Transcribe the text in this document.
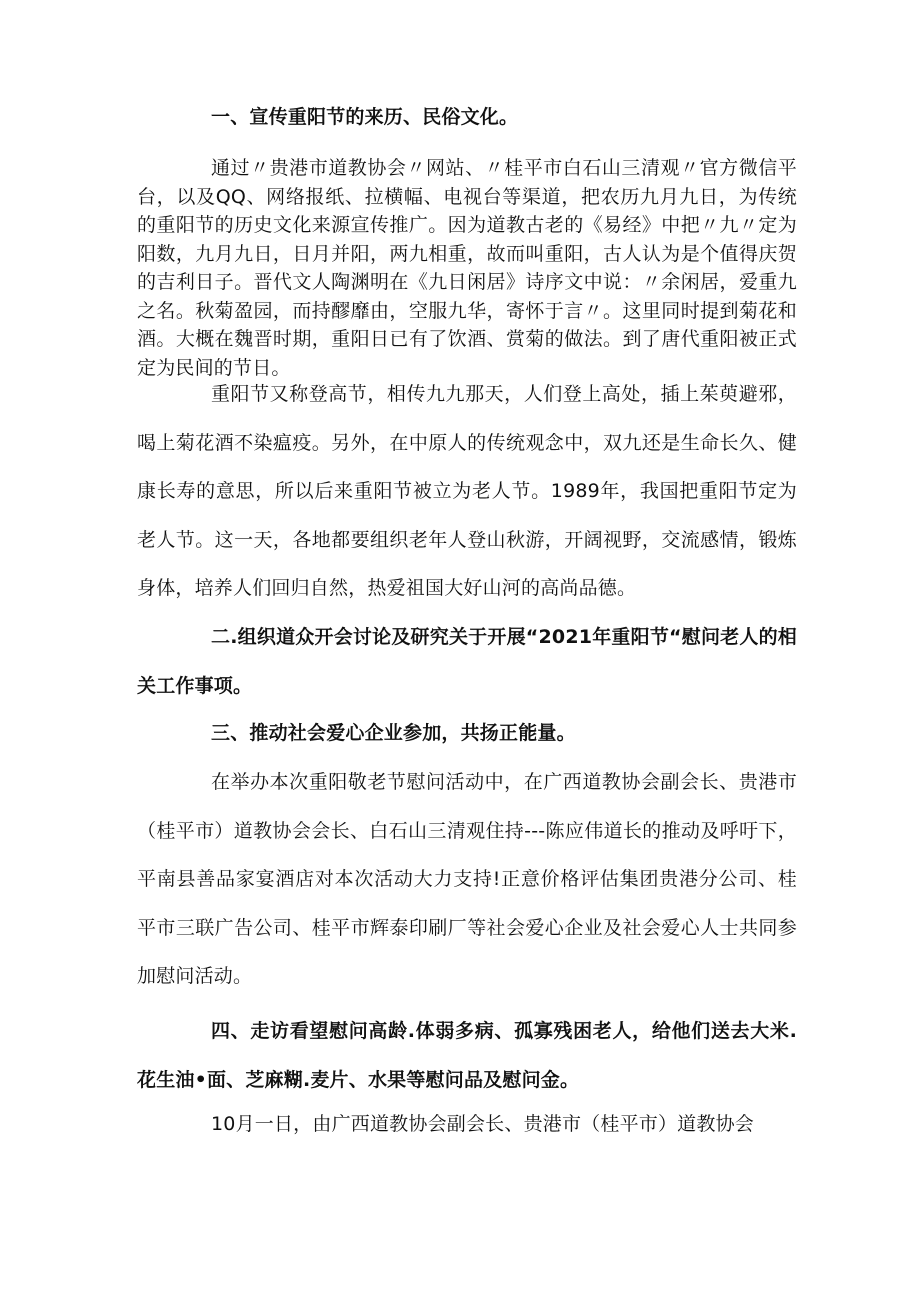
一、宣传重阳节的来历、民俗文化。

通过〃贵港市道教协会〃网站、〃桂平市白石山三清观〃官方微信平台，以及QQ、网络报纸、拉横幅、电视台等渠道，把农历九月九日，为传统的重阳节的历史文化来源宣传推广。因为道教古老的《易经》中把〃九〃定为阳数，九月九日，日月并阳，两九相重，故而叫重阳，古人认为是个值得庆贺的吉利日子。晋代文人陶渊明在《九日闲居》诗序文中说：〃余闲居，爱重九之名。秋菊盈园，而持醪靡由，空服九华，寄怀于言〃。这里同时提到菊花和酒。大概在魏晋时期，重阳日已有了饮酒、赏菊的做法。到了唐代重阳被正式定为民间的节日。

重阳节又称登高节，相传九九那天，人们登上高处，插上茱萸避邪，喝上菊花酒不染瘟疫。另外，在中原人的传统观念中，双九还是生命长久、健康长寿的意思，所以后来重阳节被立为老人节。1989年，我国把重阳节定为老人节。这一天，各地都要组织老年人登山秋游，开阔视野，交流感情，锻炼身体，培养人们回归自然，热爱祖国大好山河的高尚品德。

二.组织道众开会讨论及研究关于开展“2021年重阳节“慰问老人的相关工作事项。

三、推动社会爱心企业参加，共扬正能量。

在举办本次重阳敬老节慰问活动中，在广西道教协会副会长、贵港市（桂平市）道教协会会长、白石山三清观住持---陈应伟道长的推动及呼吁下，平南县善品家宴酒店对本次活动大力支持!正意价格评估集团贵港分公司、桂平市三联广告公司、桂平市辉泰印刷厂等社会爱心企业及社会爱心人士共同参加慰问活动。

四、走访看望慰问高龄.体弱多病、孤寡残困老人，给他们送去大米.花生油•面、芝麻糊.麦片、水果等慰问品及慰问金。

10月一日，由广西道教协会副会长、贵港市（桂平市）道教协会
